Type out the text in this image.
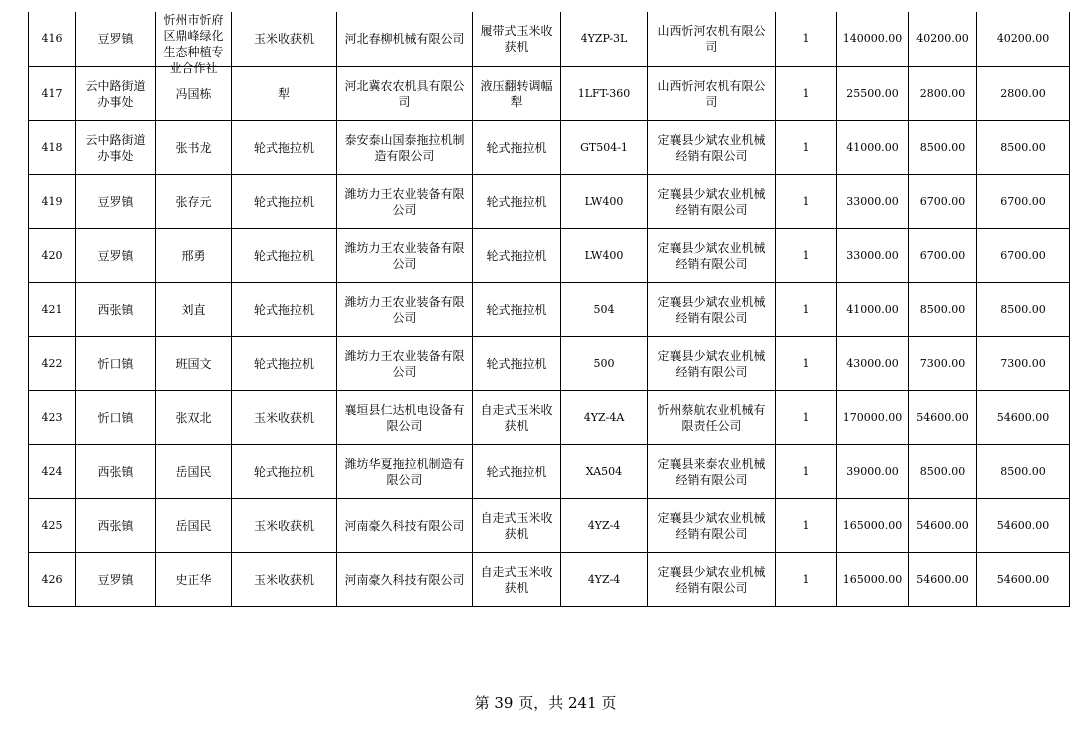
416	豆罗镇	忻州市忻府区鼎峰绿化生态种植专业合作社	玉米收获机	河北春柳机械有限公司	履带式玉米收获机	4YZP-3L	山西忻河农机有限公司	1	140000.00	40200.00	40200.00
417	云中路街道办事处	冯国栋	犁	河北冀农农机具有限公司	液压翻转调幅犁	1LFT-360	山西忻河农机有限公司	1	25500.00	2800.00	2800.00
418	云中路街道办事处	张书龙	轮式拖拉机	泰安泰山国泰拖拉机制造有限公司	轮式拖拉机	GT504-1	定襄县少斌农业机械经销有限公司	1	41000.00	8500.00	8500.00
419	豆罗镇	张存元	轮式拖拉机	潍坊力王农业装备有限公司	轮式拖拉机	LW400	定襄县少斌农业机械经销有限公司	1	33000.00	6700.00	6700.00
420	豆罗镇	邢勇	轮式拖拉机	潍坊力王农业装备有限公司	轮式拖拉机	LW400	定襄县少斌农业机械经销有限公司	1	33000.00	6700.00	6700.00
421	西张镇	刘直	轮式拖拉机	潍坊力王农业装备有限公司	轮式拖拉机	504	定襄县少斌农业机械经销有限公司	1	41000.00	8500.00	8500.00
422	忻口镇	班国文	轮式拖拉机	潍坊力王农业装备有限公司	轮式拖拉机	500	定襄县少斌农业机械经销有限公司	1	43000.00	7300.00	7300.00
423	忻口镇	张双北	玉米收获机	襄垣县仁达机电设备有限公司	自走式玉米收获机	4YZ-4A	忻州蔡航农业机械有限责任公司	1	170000.00	54600.00	54600.00
424	西张镇	岳国民	轮式拖拉机	潍坊华夏拖拉机制造有限公司	轮式拖拉机	XA504	定襄县来泰农业机械经销有限公司	1	39000.00	8500.00	8500.00
425	西张镇	岳国民	玉米收获机	河南豪久科技有限公司	自走式玉米收获机	4YZ-4	定襄县少斌农业机械经销有限公司	1	165000.00	54600.00	54600.00
426	豆罗镇	史正华	玉米收获机	河南豪久科技有限公司	自走式玉米收获机	4YZ-4	定襄县少斌农业机械经销有限公司	1	165000.00	54600.00	54600.00
第 39 页，共 241 页
